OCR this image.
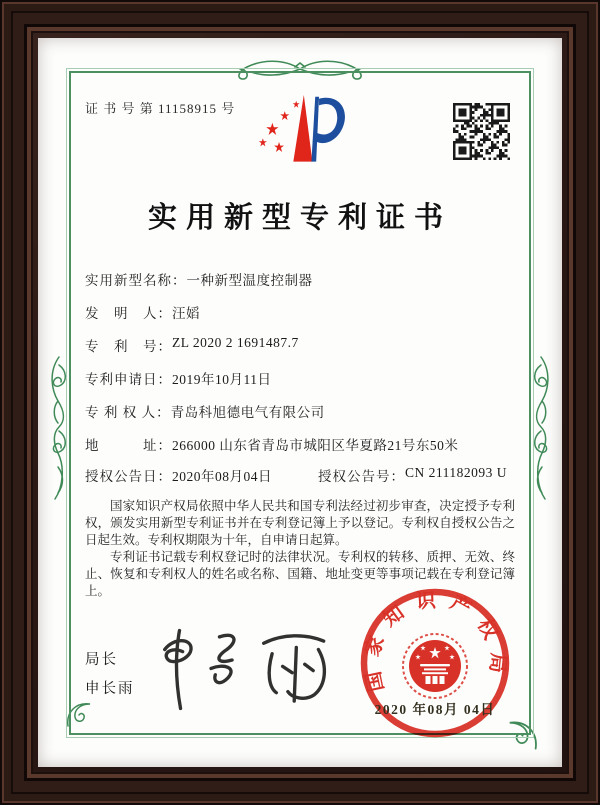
证 书 号 第 11158915 号
实用新型专利证书
实用新型名称： 一种新型温度控制器
发　明　人： 汪嫍
专　利　号： ZL 2020 2 1691487.7
专利申请日： 2019年10月11日
专 利 权 人： 青岛科旭德电气有限公司
地　　　址： 266000 山东省青岛市城阳区华夏路21号东50米
授权公告日： 2020年08月04日	授权公告号： CN 211182093 U

国家知识产权局依照中华人民共和国专利法经过初步审查，决定授予专利权，颁发实用新型专利证书并在专利登记簿上予以登记。专利权自授权公告之日起生效。专利权期限为十年，自申请日起算。

专利证书记载专利权登记时的法律状况。专利权的转移、质押、无效、终止、恢复和专利权人的姓名或名称、国籍、地址变更等事项记载在专利登记簿上。

局长
申长雨	国家知识产权局
2020 年08月 04日
